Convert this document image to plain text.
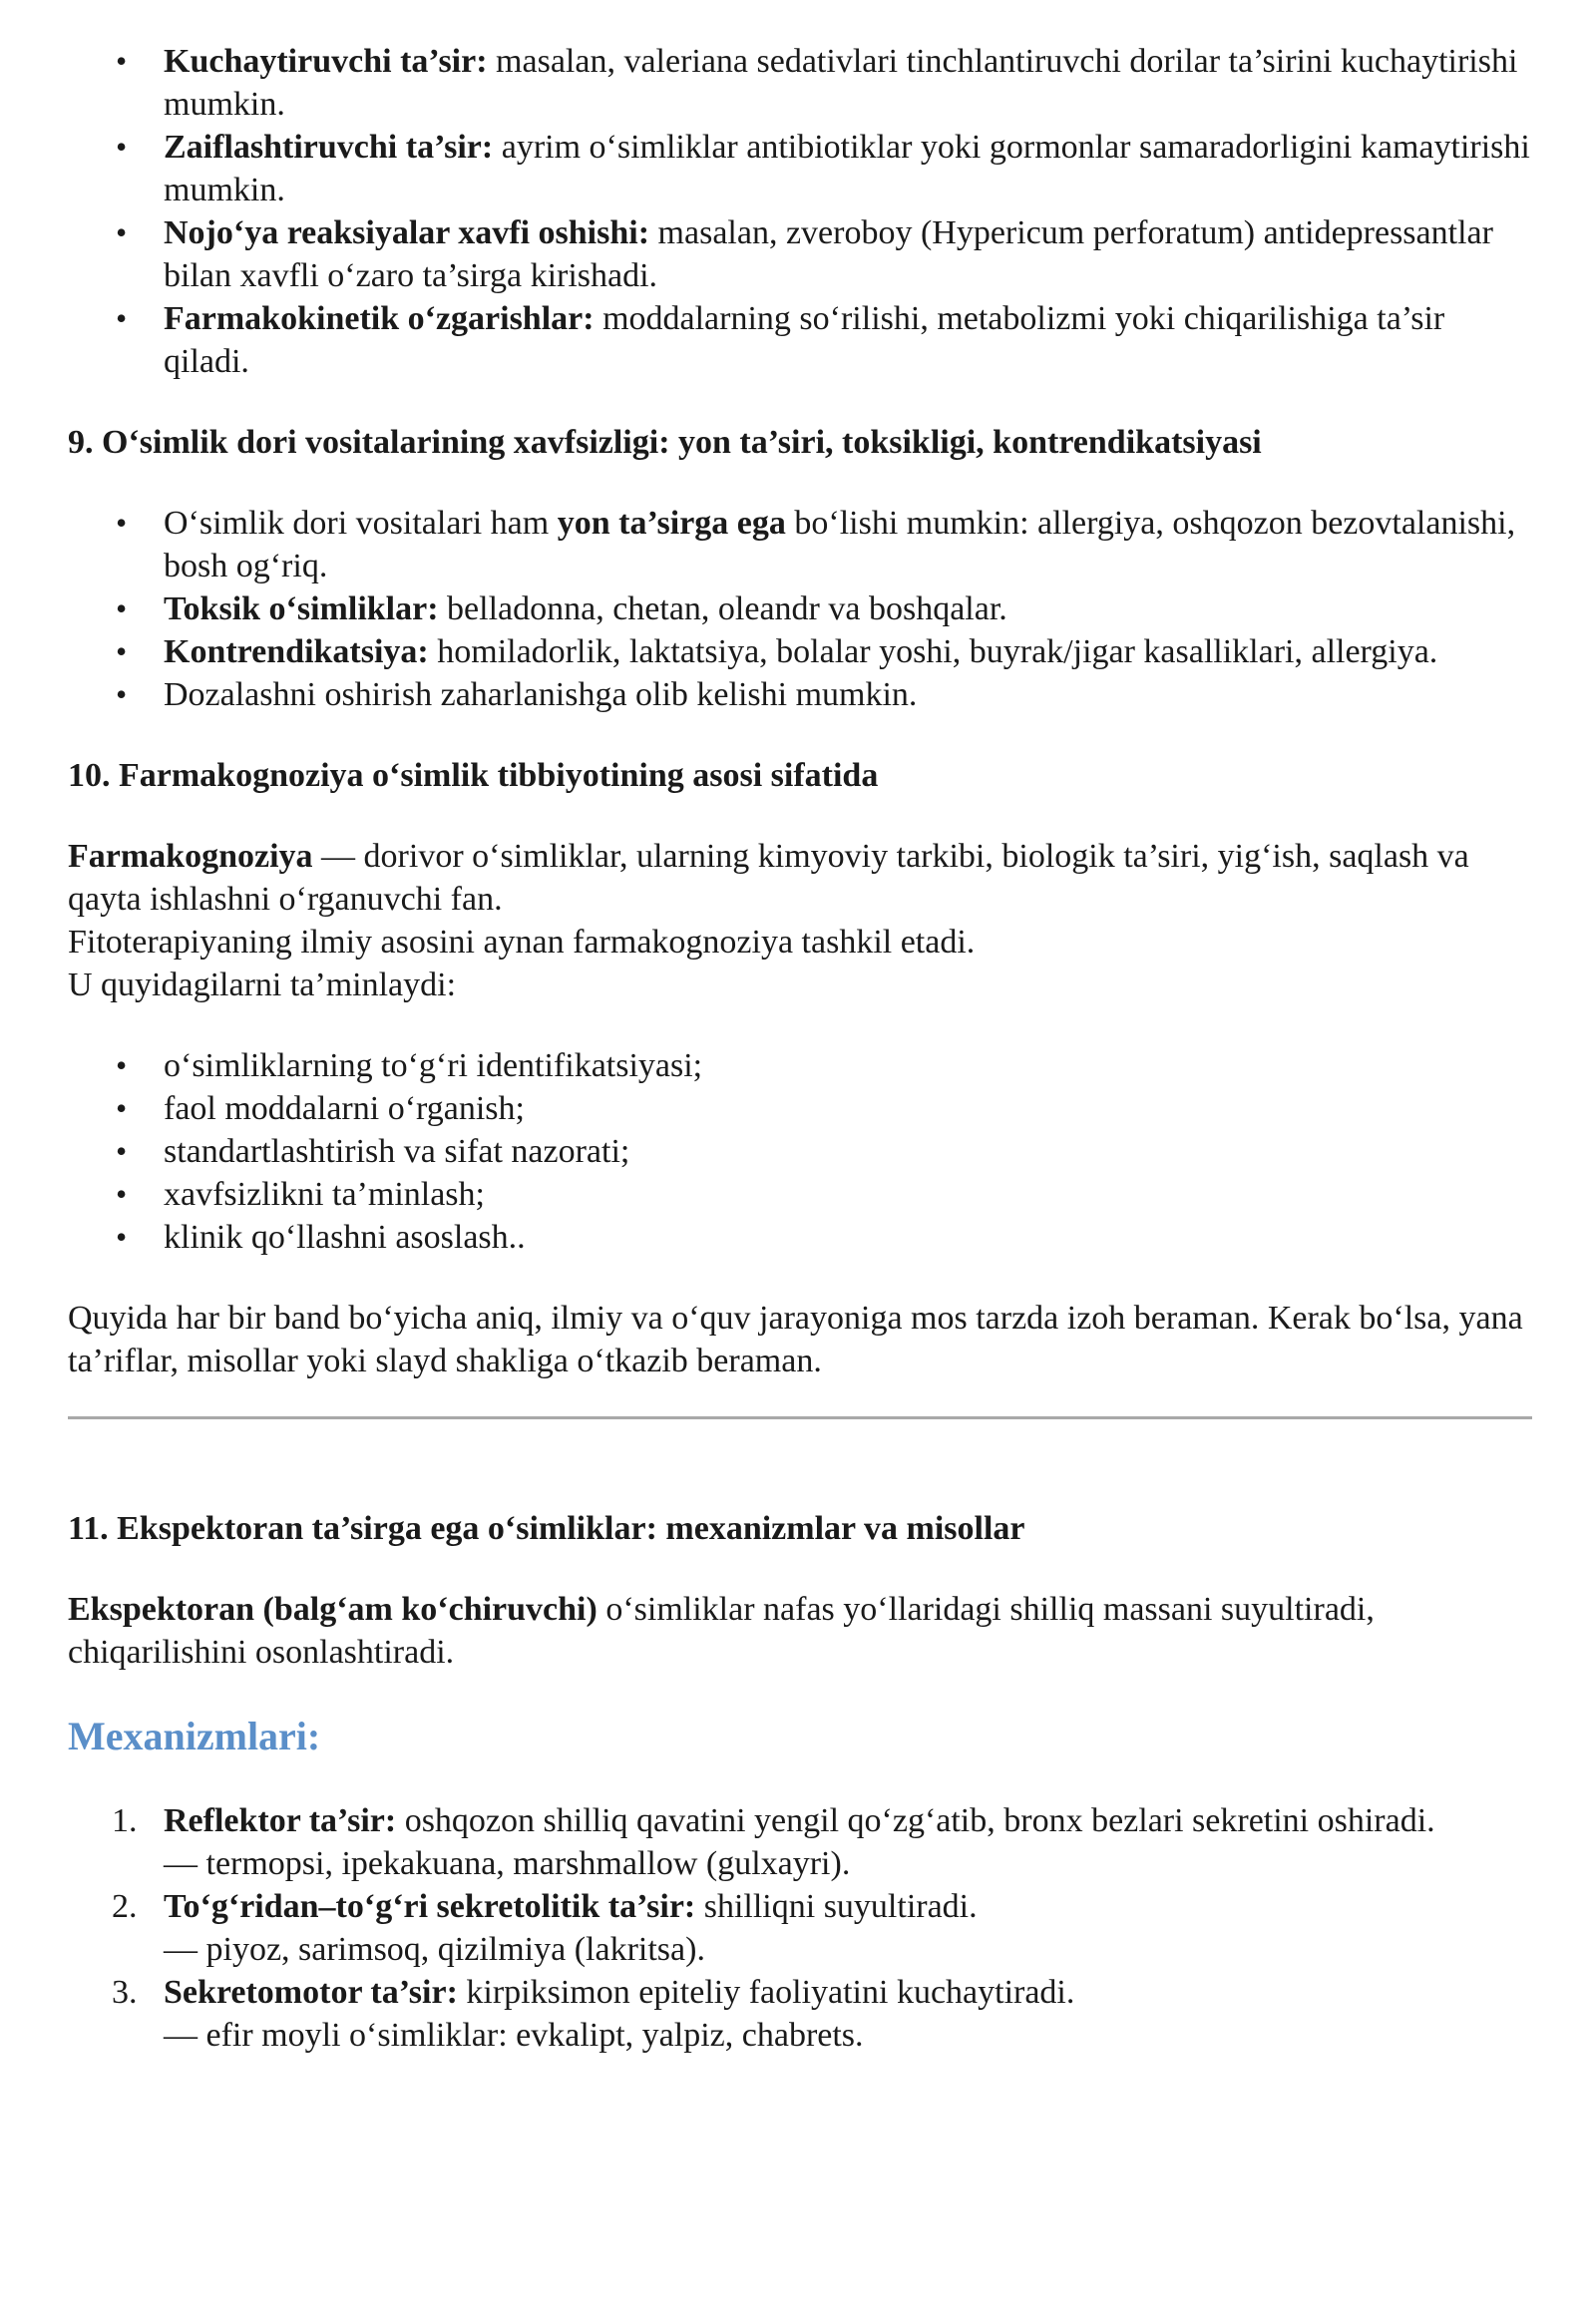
• Kuchaytiruvchi ta’sir: masalan, valeriana sedativlari tinchlantiruvchi dorilar ta’sirini kuchaytirishi mumkin.
• Zaiflashtiruvchi ta’sir: ayrim o‘simliklar antibiotiklar yoki gormonlar samaradorligini kamaytirishi mumkin.
• Nojo‘ya reaksiyalar xavfi oshishi: masalan, zveroboy (Hypericum perforatum) antidepressantlar bilan xavfli o‘zaro ta’sirga kirishadi.
• Farmakokinetik o‘zgarishlar: moddalarning so‘rilishi, metabolizmi yoki chiqarilishiga ta’sir qiladi.
9. O‘simlik dori vositalarining xavfsizligi: yon ta’siri, toksikligi, kontrendikatsiyasi
• O‘simlik dori vositalari ham yon ta’sirga ega bo‘lishi mumkin: allergiya, oshqozon bezovtalanishi, bosh og‘riq.
• Toksik o‘simliklar: belladonna, chetan, oleandr va boshqalar.
• Kontrendikatsiya: homiladorlik, laktatsiya, bolalar yoshi, buyrak/jigar kasalliklari, allergiya.
• Dozalashni oshirish zaharlanishga olib kelishi mumkin.
10. Farmakognoziya o‘simlik tibbiyotining asosi sifatida

Farmakognoziya — dorivor o‘simliklar, ularning kimyoviy tarkibi, biologik ta’siri, yig‘ish, saqlash va qayta ishlashni o‘rganuvchi fan.
Fitoterapiyaning ilmiy asosini aynan farmakognoziya tashkil etadi.
U quyidagilarni ta’minlaydi:

• o‘simliklarning to‘g‘ri identifikatsiyasi;
• faol moddalarni o‘rganish;
• standartlashtirish va sifat nazorati;
• xavfsizlikni ta’minlash;
• klinik qo‘llashni asoslash..

Quyida har bir band bo‘yicha aniq, ilmiy va o‘quv jarayoniga mos tarzda izoh beraman. Kerak bo‘lsa, yana ta’riflar, misollar yoki slayd shakliga o‘tkazib beraman.

11. Ekspektoran ta’sirga ega o‘simliklar: mexanizmlar va misollar

Ekspektoran (balg‘am ko‘chiruvchi) o‘simliklar nafas yo‘llaridagi shilliq massani suyultiradi, chiqarilishini osonlashtiradi.

Mexanizmlari:
1. Reflektor ta’sir: oshqozon shilliq qavatini yengil qo‘zg‘atib, bronx bezlari sekretini oshiradi.
— termopsi, ipekakuana, marshmallow (gulxayri).
2. To‘g‘ridan–to‘g‘ri sekretolitik ta’sir: shilliqni suyultiradi.
— piyoz, sarimsoq, qizilmiya (lakritsa).
3. Sekretomotor ta’sir: kirpiksimon epiteliy faoliyatini kuchaytiradi.
— efir moyli o‘simliklar: evkalipt, yalpiz, chabrets.
